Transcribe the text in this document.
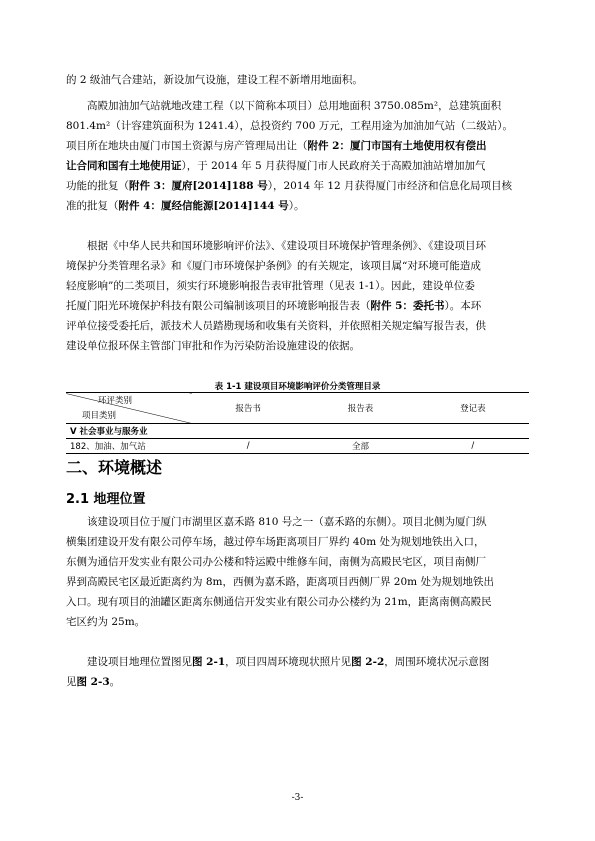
的 2 级油气合建站，新设加气设施，建设工程不新增用地面积。

高殿加油加气站就地改建工程（以下简称本项目）总用地面积 3750.085m²，总建筑面积
801.4m²（计容建筑面积为 1241.4），总投资约 700 万元，工程用途为加油加气站（二级站）。
项目所在地块由厦门市国土资源与房产管理局出让（附件 2：厦门市国有土地使用权有偿出
让合同和国有土地使用证），于 2014 年 5 月获得厦门市人民政府关于高殿加油站增加加气
功能的批复（附件 3：厦府[2014]188 号），2014 年 12 月获得厦门市经济和信息化局项目核
准的批复（附件 4：厦经信能源[2014]144 号）。

根据《中华人民共和国环境影响评价法》、《建设项目环境保护管理条例》、《建设项目环
境保护分类管理名录》和《厦门市环境保护条例》的有关规定，该项目属“对环境可能造成
轻度影响”的二类项目，须实行环境影响报告表审批管理（见表 1-1）。因此，建设单位委
托厦门阳光环境保护科技有限公司编制该项目的环境影响报告表（附件 5：委托书）。本环
评单位接受委托后，派技术人员踏勘现场和收集有关资料，并依照相关规定编写报告表，供
建设单位报环保主管部门审批和作为污染防治设施建设的依据。

表 1-1 建设项目环境影响评价分类管理目录
环评类别
项目类别	报告书	报告表	登记表
V 社会事业与服务业			
182、加油、加气站	/	全部	/
二、环境概述
2.1 地理位置

该建设项目位于厦门市湖里区嘉禾路 810 号之一（嘉禾路的东侧）。项目北侧为厦门纵
横集团建设开发有限公司停车场，越过停车场距离项目厂界约 40m 处为规划地铁出入口，
东侧为通信开发实业有限公司办公楼和特运殿中维修车间，南侧为高殿民宅区，项目南侧厂
界到高殿民宅区最近距离约为 8m，西侧为嘉禾路，距离项目西侧厂界 20m 处为规划地铁出
入口。现有项目的油罐区距离东侧通信开发实业有限公司办公楼约为 21m，距离南侧高殿民
宅区约为 25m。

建设项目地理位置图见图 2-1，项目四周环境现状照片见图 2-2，周围环境状况示意图
见图 2-3。

-3-
